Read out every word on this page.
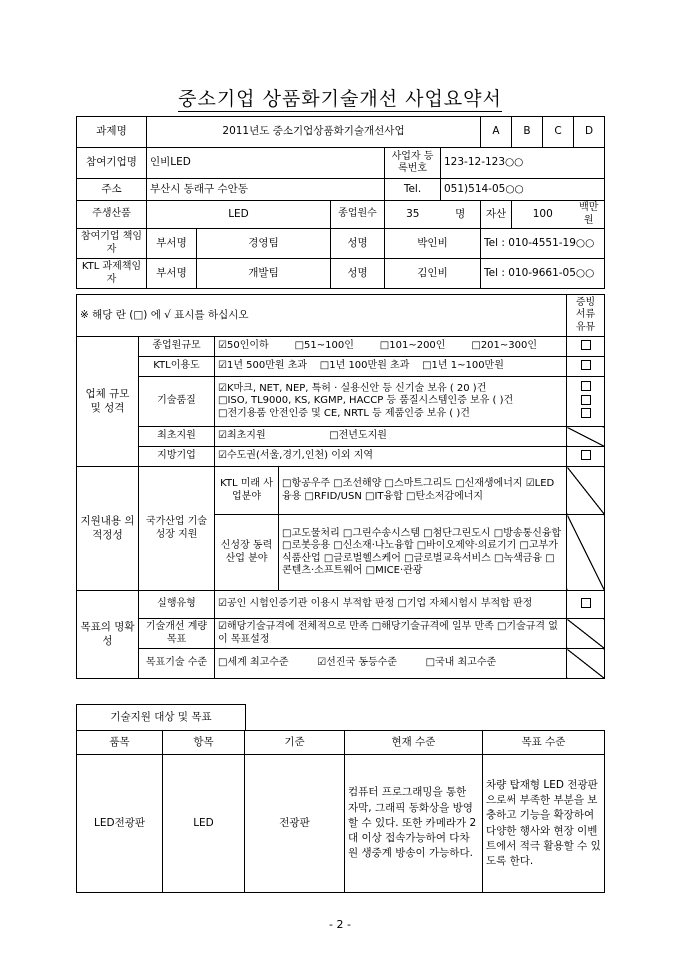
중소기업 상품화기술개선 사업요약서
과제명	2011년도 중소기업상품화기술개선사업					A	B	C	D
참여기업명	인비LED			사업자 등록번호	123-12-123○○				
주소	부산시 동래구 수안동			Tel.	051)514-05○○				
주생산품	LED		종업원수	35	명	자산	100		백만원
참여기업 책임자	부서명	경영팀	성명	박인비		Tel : 010-4551-19○○			
KTL 과제책임자	부서명	개발팀	성명	김인비		Tel : 010-9661-05○○			
※ 해당 란 (□) 에 √ 표시를 하십시오				증빙 서류 유뮤
업체 규모 및 성격	종업원규모	☑50인이하 □51~100인 □101~200인 □201~300인		
	KTL이용도	☑1년 500만원 초과 □1년 100만원 초과 □1년 1~100만원		
	기술품질	☑K마크, NET, NEP, 특허 · 실용신안 등 신기술 보유 ( 20 )건
□ISO, TL9000, KS, KGMP, HACCP 등 품질시스템인증 보유 ( )건
□전기용품 안전인증 및 CE, NRTL 등 제품인증 보유 ( )건		

	최초지원	☑최초지원 □전년도지원		
	지방기업	☑수도권(서울,경기,인천) 이외 지역		
지원내용 의 적정성	국가산업 기술성장 지원	KTL 미래 사업분야	□항공우주 □조선해양 □스마트그리드 □신재생에너지 ☑LED융용 □RFID/USN □IT융합 □탄소저감에너지	
		신성장 동력산업 분야	□고도물처리 □그린수송시스템 □첨단그린도시 □방송통신융합 □로봇응용 □신소재·나노융합 □바이오제약·의료기기 □고부가식품산업 □글로벌헬스케어 □글로벌교육서비스 □녹색금융 □콘텐츠·소프트웨어 □MICE·관광	
목표의 명확성	실행유형	☑공인 시험인증기관 이용시 부적합 판정 □기업 자체시험시 부적합 판정		
	기술개선 계량목표	☑해당기술규격에 전체적으로 만족 □해당기술규격에 일부 만족 □기술규격 없이 목표설정		
	목표기술 수준	□세계 최고수준 ☑선진국 동등수준 □국내 최고수준		
기술지원 대상 및 목표
품목	항목	기준	현재 수준	목표 수준
LED전광판	LED	전광판	컴퓨터 프로그래밍을 통한 자막, 그래픽 동화상을 방영할 수 있다. 또한 카메라가 2대 이상 접속가능하여 다차원 생중계 방송이 가능하다.	차량 탑재형 LED 전광판으로써 부족한 부분을 보충하고 기능을 확장하여 다양한 행사와 현장 이벤트에서 적극 활용할 수 있도록 한다.
- 2 -
